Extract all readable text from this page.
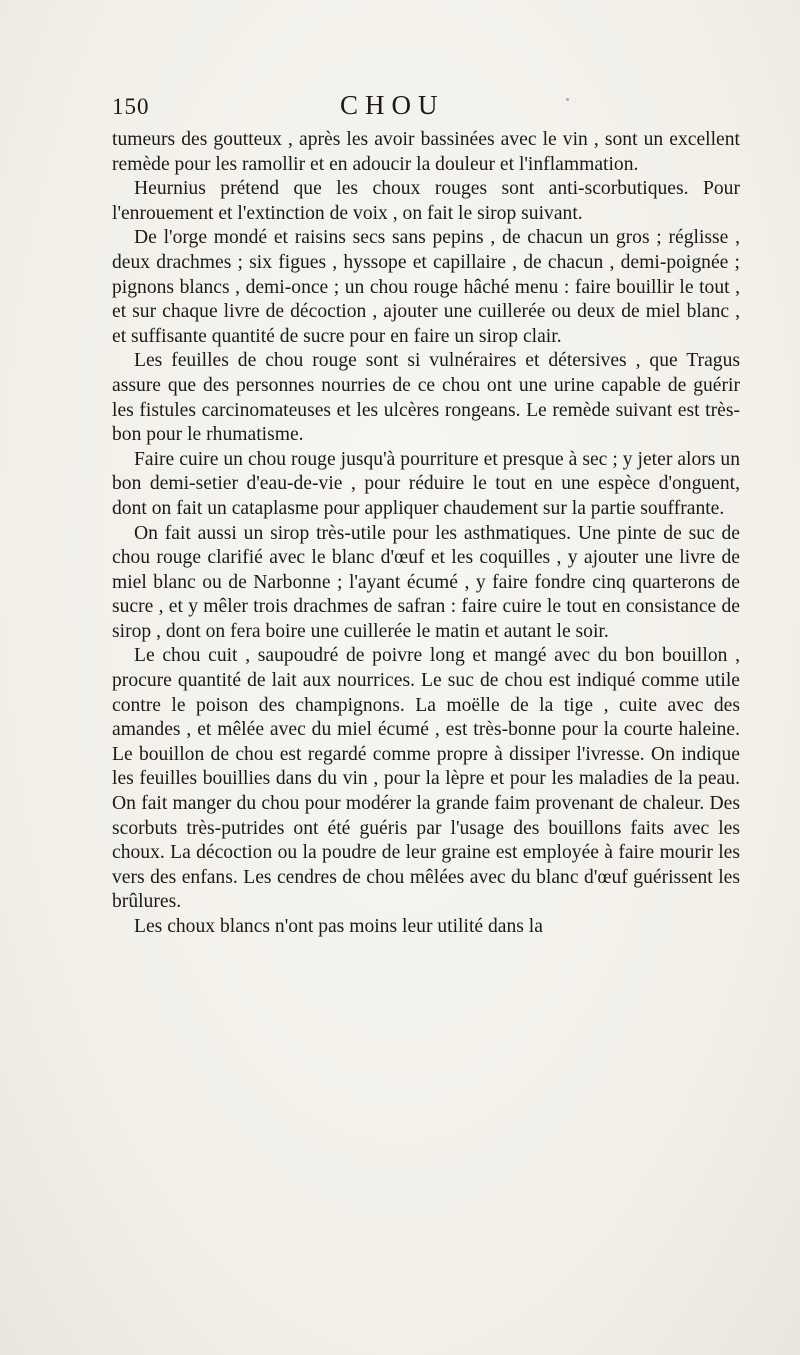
150	CHOU

tumeurs des goutteux , après les avoir bassinées avec le vin , sont un excellent remède pour les ramollir et en adoucir la douleur et l'inflammation.

Heurnius prétend que les choux rouges sont anti-scorbutiques. Pour l'enrouement et l'extinction de voix , on fait le sirop suivant.

De l'orge mondé et raisins secs sans pepins , de chacun un gros ; réglisse , deux drachmes ; six figues , hyssope et capillaire , de chacun , demi-poignée ; pignons blancs , demi-once ; un chou rouge hâché menu : faire bouillir le tout , et sur chaque livre de décoction , ajouter une cuillerée ou deux de miel blanc , et suffisante quantité de sucre pour en faire un sirop clair.

Les feuilles de chou rouge sont si vulnéraires et détersives , que Tragus assure que des personnes nourries de ce chou ont une urine capable de guérir les fistules carcinomateuses et les ulcères rongeans. Le remède suivant est très-bon pour le rhumatisme.

Faire cuire un chou rouge jusqu'à pourriture et presque à sec ; y jeter alors un bon demi-setier d'eau-de-vie , pour réduire le tout en une espèce d'onguent, dont on fait un cataplasme pour appliquer chaudement sur la partie souffrante.

On fait aussi un sirop très-utile pour les asthmatiques. Une pinte de suc de chou rouge clarifié avec le blanc d'œuf et les coquilles , y ajouter une livre de miel blanc ou de Narbonne ; l'ayant écumé , y faire fondre cinq quarterons de sucre , et y mêler trois drachmes de safran : faire cuire le tout en consistance de sirop , dont on fera boire une cuillerée le matin et autant le soir.

Le chou cuit , saupoudré de poivre long et mangé avec du bon bouillon , procure quantité de lait aux nourrices. Le suc de chou est indiqué comme utile contre le poison des champignons. La moëlle de la tige , cuite avec des amandes , et mêlée avec du miel écumé , est très-bonne pour la courte haleine. Le bouillon de chou est regardé comme propre à dissiper l'ivresse. On indique les feuilles bouillies dans du vin , pour la lèpre et pour les maladies de la peau. On fait manger du chou pour modérer la grande faim provenant de chaleur. Des scorbuts très-putrides ont été guéris par l'usage des bouillons faits avec les choux. La décoction ou la poudre de leur graine est employée à faire mourir les vers des enfans. Les cendres de chou mêlées avec du blanc d'œuf guérissent les brûlures.

Les choux blancs n'ont pas moins leur utilité dans la
